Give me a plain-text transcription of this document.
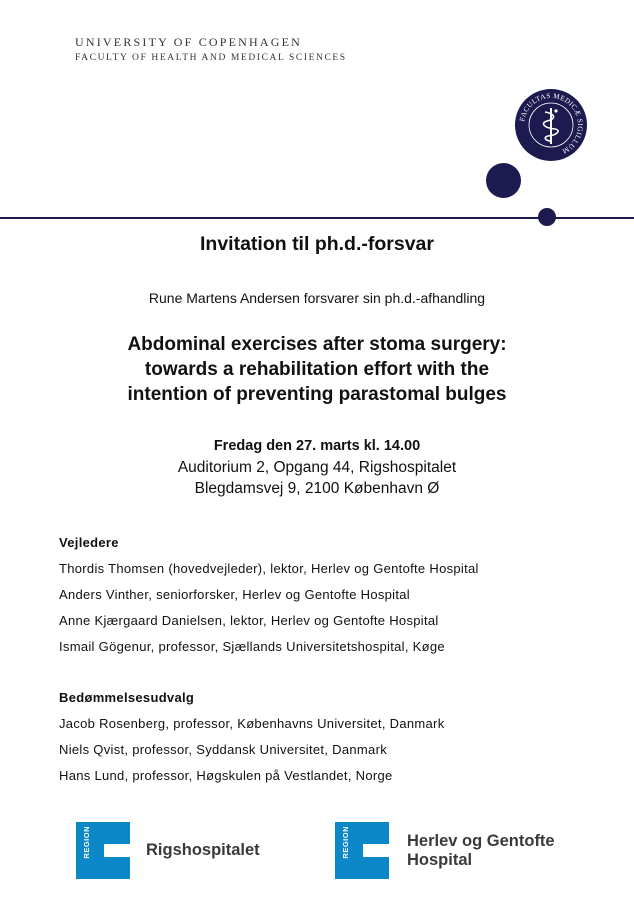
UNIVERSITY OF COPENHAGEN
FACULTY OF HEALTH AND MEDICAL SCIENCES
FACULTAS MEDICÆ SIGILLUM
Invitation til ph.d.-forsvar
Rune Martens Andersen forsvarer sin ph.d.-afhandling
Abdominal exercises after stoma surgery:
towards a rehabilitation effort with the
intention of preventing parastomal bulges
Fredag den 27. marts kl. 14.00
Auditorium 2, Opgang 44, Rigshospitalet
Blegdamsvej 9, 2100 København Ø
Vejledere
Thordis Thomsen (hovedvejleder), lektor, Herlev og Gentofte Hospital
Anders Vinther, seniorforsker, Herlev og Gentofte Hospital
Anne Kjærgaard Danielsen, lektor, Herlev og Gentofte Hospital
Ismail Gögenur, professor, Sjællands Universitetshospital, Køge
Bedømmelsesudvalg
Jacob Rosenberg, professor, Københavns Universitet, Danmark
Niels Qvist, professor, Syddansk Universitet, Danmark
Hans Lund, professor, Høgskulen på Vestlandet, Norge
REGION	Rigshospitalet	REGION	Herlev og Gentofte
Hospital
